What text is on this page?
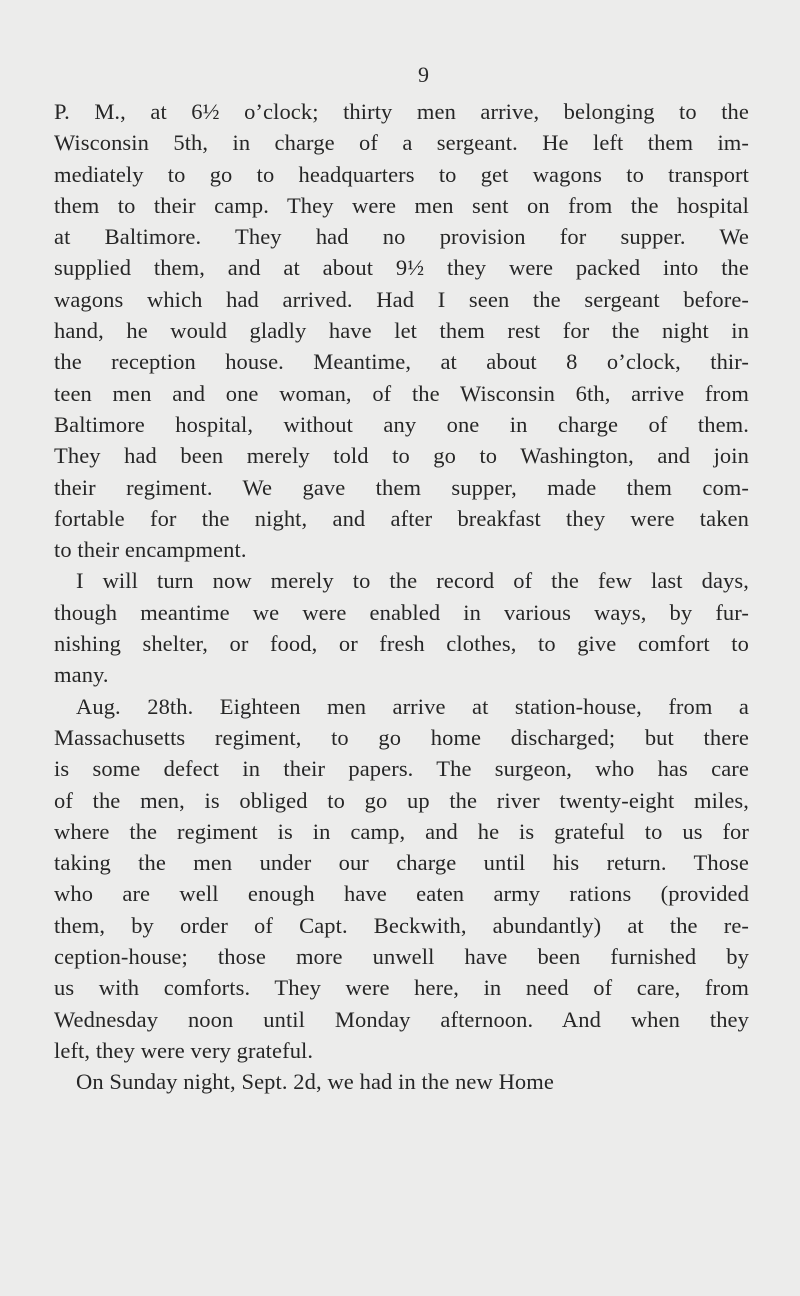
9
P. M., at 6½ o’clock; thirty men arrive, belonging to the
Wisconsin 5th, in charge of a sergeant. He left them im-
mediately to go to headquarters to get wagons to transport
them to their camp. They were men sent on from the hospital
at Baltimore. They had no provision for supper. We
supplied them, and at about 9½ they were packed into the
wagons which had arrived. Had I seen the sergeant before-
hand, he would gladly have let them rest for the night in
the reception house. Meantime, at about 8 o’clock, thir-
teen men and one woman, of the Wisconsin 6th, arrive from
Baltimore hospital, without any one in charge of them.
They had been merely told to go to Washington, and join
their regiment. We gave them supper, made them com-
fortable for the night, and after breakfast they were taken
to their encampment.
I will turn now merely to the record of the few last days,
though meantime we were enabled in various ways, by fur-
nishing shelter, or food, or fresh clothes, to give comfort to
many.
Aug. 28th. Eighteen men arrive at station-house, from a
Massachusetts regiment, to go home discharged; but there
is some defect in their papers. The surgeon, who has care
of the men, is obliged to go up the river twenty-eight miles,
where the regiment is in camp, and he is grateful to us for
taking the men under our charge until his return. Those
who are well enough have eaten army rations (provided
them, by order of Capt. Beckwith, abundantly) at the re-
ception-house; those more unwell have been furnished by
us with comforts. They were here, in need of care, from
Wednesday noon until Monday afternoon. And when they
left, they were very grateful.
On Sunday night, Sept. 2d, we had in the new Home
